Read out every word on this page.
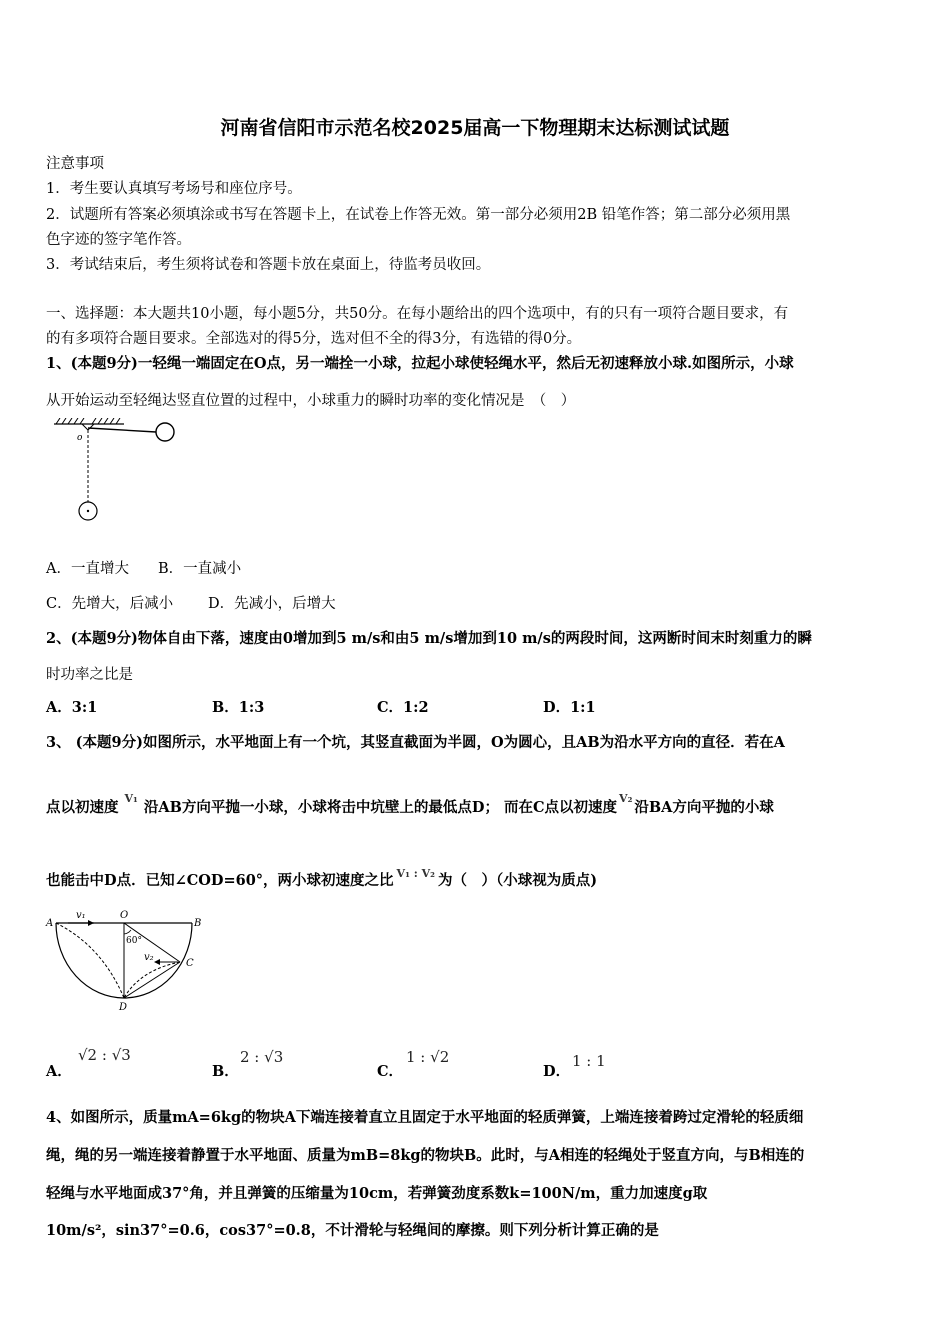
河南省信阳市示范名校2025届高一下物理期末达标测试试题
注意事项
1．考生要认真填写考场号和座位序号。
2．试题所有答案必须填涂或书写在答题卡上，在试卷上作答无效。第一部分必须用2B 铅笔作答；第二部分必须用黑
色字迹的签字笔作答。
3．考试结束后，考生须将试卷和答题卡放在桌面上，待监考员收回。
一、选择题：本大题共10小题，每小题5分，共50分。在每小题给出的四个选项中，有的只有一项符合题目要求，有
的有多项符合题目要求。全部选对的得5分，选对但不全的得3分，有选错的得0分。
1、(本题9分)一轻绳一端固定在O点，另一端拴一小球，拉起小球使轻绳水平，然后无初速释放小球.如图所示，小球
从开始运动至轻绳达竖直位置的过程中，小球重力的瞬时功率的变化情况是　（　）
o
A．一直增大 B．一直减小
C．先增大，后减小 D．先减小，后增大
2、(本题9分)物体自由下落，速度由0增加到5 m/s和由5 m/s增加到10 m/s的两段时间，这两断时间末时刻重力的瞬
时功率之比是
A．3:1	B．1:3	C．1:2	D．1:1
3、 (本题9分)如图所示，水平地面上有一个坑，其竖直截面为半圆，O为圆心，且AB为沿水平方向的直径．若在A
点以初速度$^{V_1}$沿AB方向平抛一小球，小球将击中坑壁上的最低点D； 而在C点以初速度$^{V_2}$沿BA方向平抛的小球
也能击中D点．已知∠COD=60°，两小球初速度之比 $^{V_1 : V_2}$ 为（　）（小球视为质点)
A	B
O
C
D
v₁
v₂
60°
A．
√2 : √3
B．
2 : √3
C．
1 : √2
D．
1 : 1
4、如图所示，质量mA=6kg的物块A下端连接着直立且固定于水平地面的轻质弹簧，上端连接着跨过定滑轮的轻质细
绳，绳的另一端连接着静置于水平地面、质量为mB=8kg的物块B。此时，与A相连的轻绳处于竖直方向，与B相连的
轻绳与水平地面成37°角，并且弹簧的压缩量为10cm，若弹簧劲度系数k=100N/m，重力加速度g取
10m/s²，sin37°=0.6，cos37°=0.8，不计滑轮与轻绳间的摩擦。则下列分析计算正确的是
